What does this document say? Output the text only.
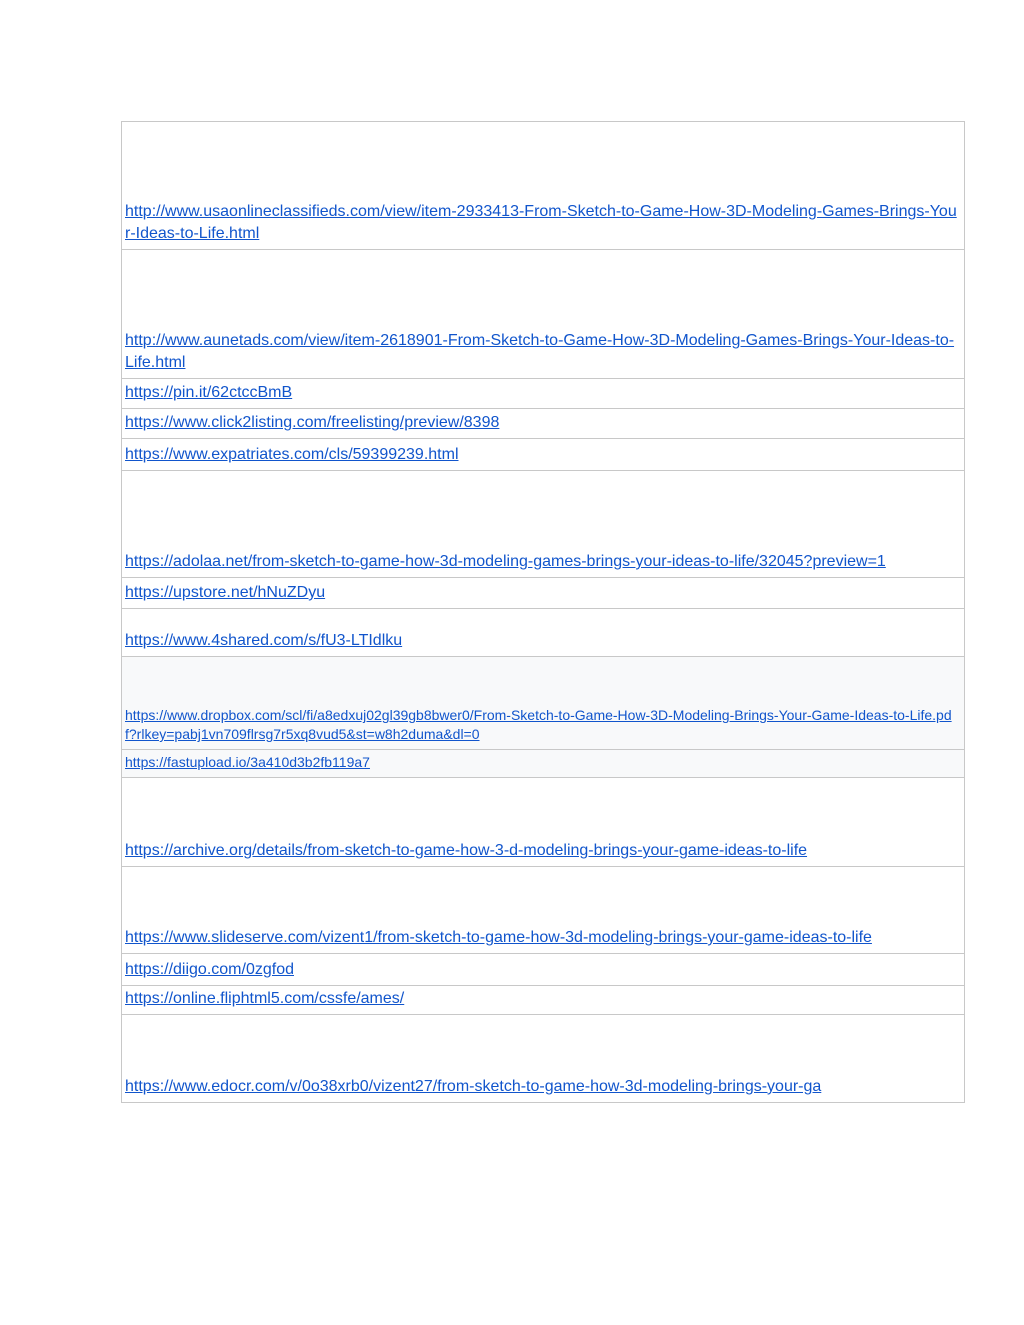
http://www.usaonlineclassifieds.com/view/item-2933413-From-Sketch-to-Game-How-3D-Modeling-Games-Brings-Your-Ideas-to-Life.html
http://www.aunetads.com/view/item-2618901-From-Sketch-to-Game-How-3D-Modeling-Games-Brings-Your-Ideas-to-Life.html
https://pin.it/62ctccBmB
https://www.click2listing.com/freelisting/preview/8398
https://www.expatriates.com/cls/59399239.html
https://adolaa.net/from-sketch-to-game-how-3d-modeling-games-brings-your-ideas-to-life/32045?preview=1
https://upstore.net/hNuZDyu
https://www.4shared.com/s/fU3-LTIdlku
https://www.dropbox.com/scl/fi/a8edxuj02gl39gb8bwer0/From-Sketch-to-Game-How-3D-Modeling-Brings-Your-Game-Ideas-to-Life.pdf?rlkey=pabj1vn709flrsg7r5xq8vud5&st=w8h2duma&dl=0
https://fastupload.io/3a410d3b2fb119a7
https://archive.org/details/from-sketch-to-game-how-3-d-modeling-brings-your-game-ideas-to-life
https://www.slideserve.com/vizent1/from-sketch-to-game-how-3d-modeling-brings-your-game-ideas-to-life
https://diigo.com/0zgfod
https://online.fliphtml5.com/cssfe/ames/
https://www.edocr.com/v/0o38xrb0/vizent27/from-sketch-to-game-how-3d-modeling-brings-your-ga
